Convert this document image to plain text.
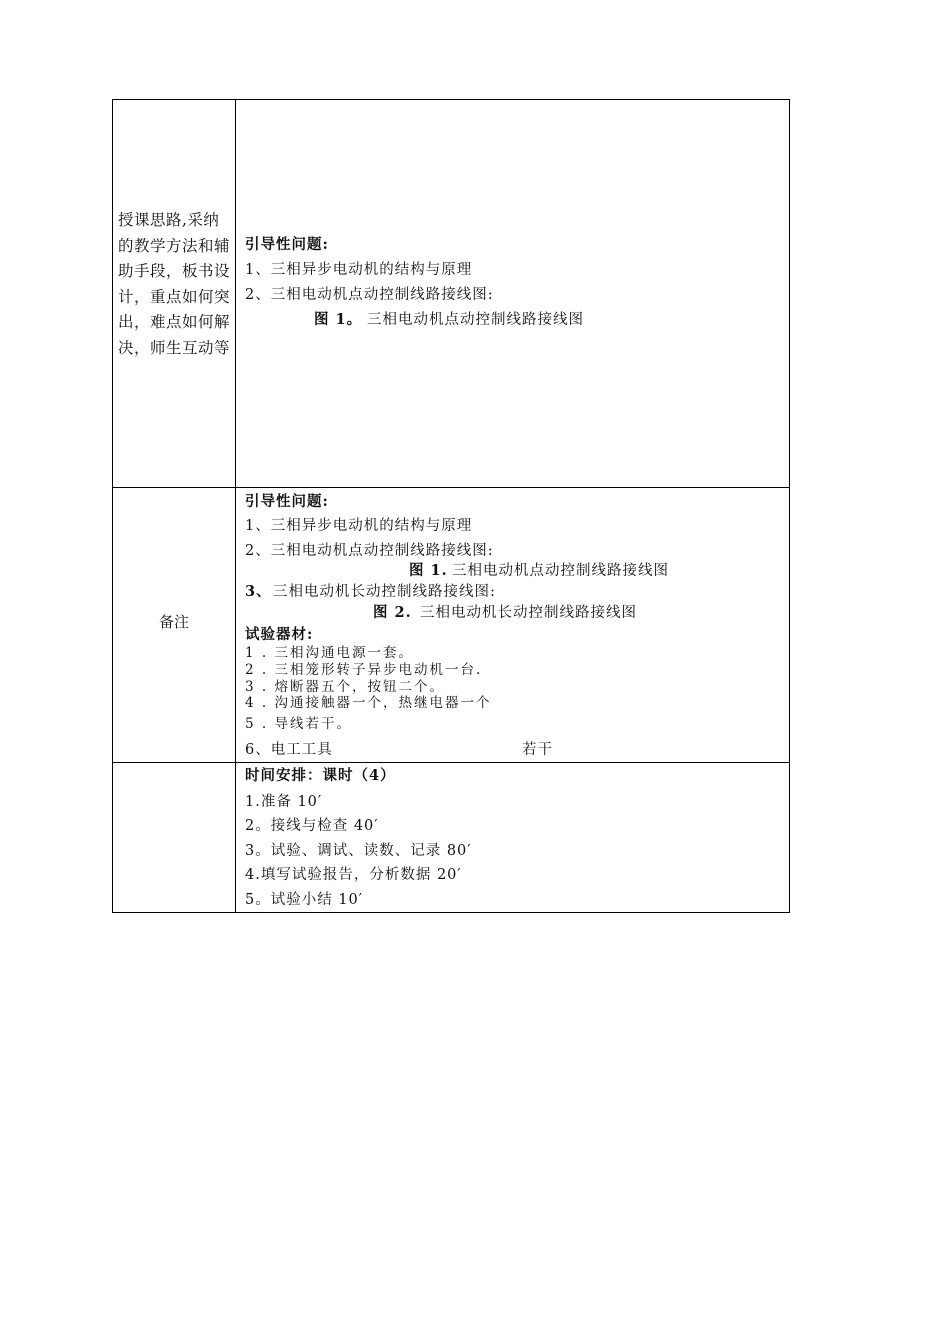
授课思路,采纳的教学方法和辅助手段，板书设计，重点如何突出，难点如何解决，师生互动等
引导性问题:
1、三相异步电动机的结构与原理
2、三相电动机点动控制线路接线图:
图 1。 三相电动机点动控制线路接线图
备注
引导性问题:
1、三相异步电动机的结构与原理
2、三相电动机点动控制线路接线图:
图 1. 三相电动机点动控制线路接线图
3、 三相电动机长动控制线路接线图:
图 2. 三相电动机长动控制线路接线图
试验器材:
1 . 三相沟通电源一套。
2 . 三相笼形转子异步电动机一台.
3 . 熔断器五个，按钮二个。
4 . 沟通接触器一个，热继电器一个
5 . 导线若干。
6、电工工具	若干
时间安排：课时（4）
1.准备 10′
2。接线与检查 40′
3。试验、调试、读数、记录 80′
4.填写试验报告，分析数据 20′
5。试验小结 10′
